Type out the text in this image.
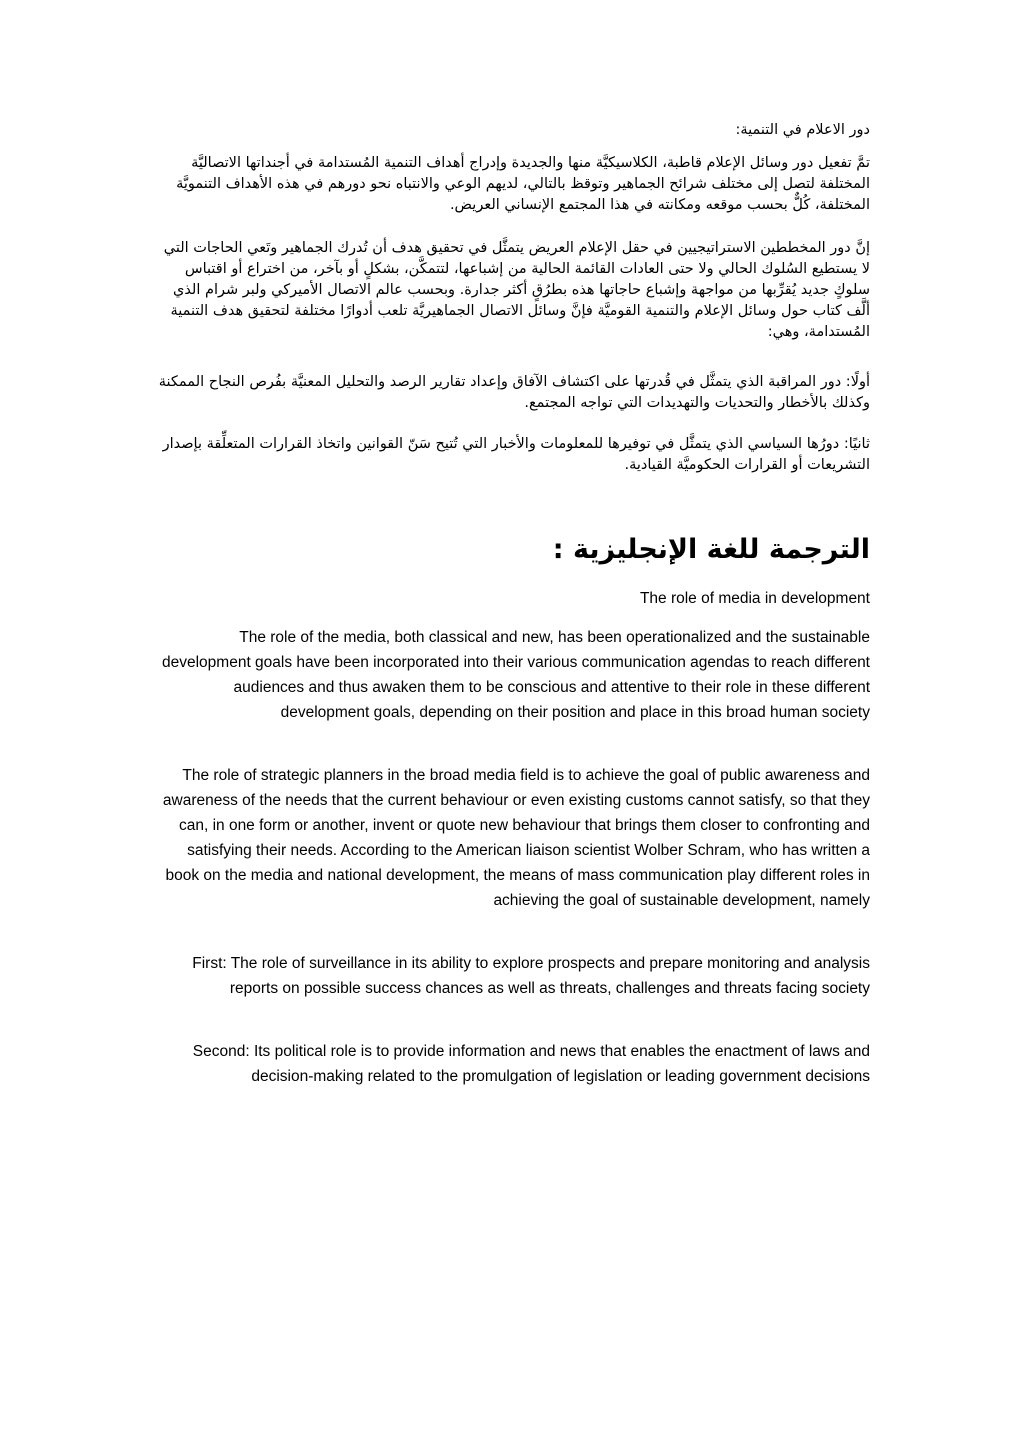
دور الاعلام في التنمية:

تمَّ تفعيل دور وسائل الإعلام قاطبة، الكلاسيكيَّة منها والجديدة وإدراج أهداف التنمية المُستدامة في أجنداتها الاتصاليَّة المختلفة لتصل إلى مختلف شرائح الجماهير وتوقظ بالتالي، لديهم الوعي والانتباه نحو دورهم في هذه الأهداف التنمويَّة المختلفة، كُلٌّ بحسب موقعه ومكانته في هذا المجتمع الإنساني العريض.

إنَّ دور المخططين الاستراتيجيين في حقل الإعلام العريض يتمثَّل في تحقيق هدف أن تُدرك الجماهير وتَعي الحاجات التي لا يستطيع السُلوك الحالي ولا حتى العادات القائمة الحالية من إشباعها، لتتمكَّن، بشكلٍ أو بآخر، من اختراع أو اقتباس سلوكٍ جديد يُقرِّبها من مواجهة وإشباع حاجاتها هذه بطرُقٍ أكثر جدارة. وبحسب عالم الاتصال الأميركي ولبر شرام الذي ألَّف كتاب حول وسائل الإعلام والتنمية القوميَّة فإنَّ وسائل الاتصال الجماهيريَّة تلعب أدوارًا مختلفة لتحقيق هدف التنمية المُستدامة، وهي:

أولًا: دور المراقبة الذي يتمثَّل في قُدرتها على اكتشاف الآفاق وإعداد تقارير الرصد والتحليل المعنيَّة بفُرص النجاح الممكنة وكذلك بالأخطار والتحديات والتهديدات التي تواجه المجتمع.

ثانيًا: دورُها السياسي الذي يتمثَّل في توفيرها للمعلومات والأخبار التي تُتيح سَنّ القوانين واتخاذ القرارات المتعلِّقة بإصدار التشريعات أو القرارات الحكوميَّة القيادية.

الترجمة للغة الإنجليزية :

The role of media in development

The role of the media, both classical and new, has been operationalized and the sustainable development goals have been incorporated into their various communication agendas to reach different audiences and thus awaken them to be conscious and attentive to their role in these different development goals, depending on their position and place in this broad human society

The role of strategic planners in the broad media field is to achieve the goal of public awareness and awareness of the needs that the current behaviour or even existing customs cannot satisfy, so that they can, in one form or another, invent or quote new behaviour that brings them closer to confronting and satisfying their needs. According to the American liaison scientist Wolber Schram, who has written a book on the media and national development, the means of mass communication play different roles in achieving the goal of sustainable development, namely

First: The role of surveillance in its ability to explore prospects and prepare monitoring and analysis reports on possible success chances as well as threats, challenges and threats facing society

Second: Its political role is to provide information and news that enables the enactment of laws and decision-making related to the promulgation of legislation or leading government decisions
